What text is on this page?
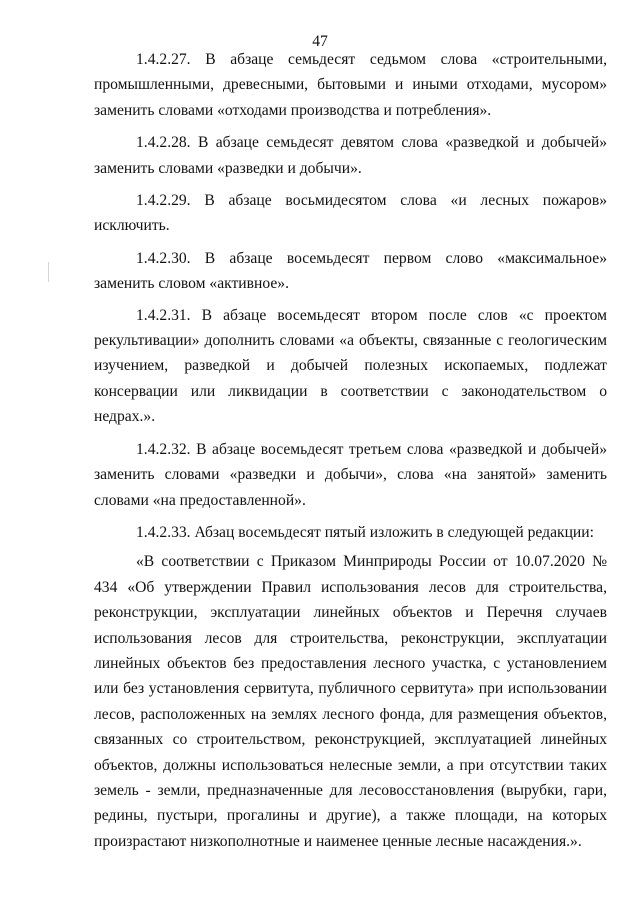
47

1.4.2.27. В абзаце семьдесят седьмом слова «строительными, промышленными, древесными, бытовыми и иными отходами, мусором» заменить словами «отходами производства и потребления».

1.4.2.28. В абзаце семьдесят девятом слова «разведкой и добычей» заменить словами «разведки и добычи».

1.4.2.29. В абзаце восьмидесятом слова «и лесных пожаров» исключить.

1.4.2.30. В абзаце восемьдесят первом слово «максимальное» заменить словом «активное».

1.4.2.31. В абзаце восемьдесят втором после слов «с проектом рекультивации» дополнить словами «а объекты, связанные с геологическим изучением, разведкой и добычей полезных ископаемых, подлежат консервации или ликвидации в соответствии с законодательством о недрах.».

1.4.2.32. В абзаце восемьдесят третьем слова «разведкой и добычей» заменить словами «разведки и добычи», слова «на занятой» заменить словами «на предоставленной».

1.4.2.33. Абзац восемьдесят пятый изложить в следующей редакции:

«В соответствии с Приказом Минприроды России от 10.07.2020 № 434 «Об утверждении Правил использования лесов для строительства, реконструкции, эксплуатации линейных объектов и Перечня случаев использования лесов для строительства, реконструкции, эксплуатации линейных объектов без предоставления лесного участка, с установлением или без установления сервитута, публичного сервитута» при использовании лесов, расположенных на землях лесного фонда, для размещения объектов, связанных со строительством, реконструкцией, эксплуатацией линейных объектов, должны использоваться нелесные земли, а при отсутствии таких земель - земли, предназначенные для лесовосстановления (вырубки, гари, редины, пустыри, прогалины и другие), а также площади, на которых произрастают низкополнотные и наименее ценные лесные насаждения.».
